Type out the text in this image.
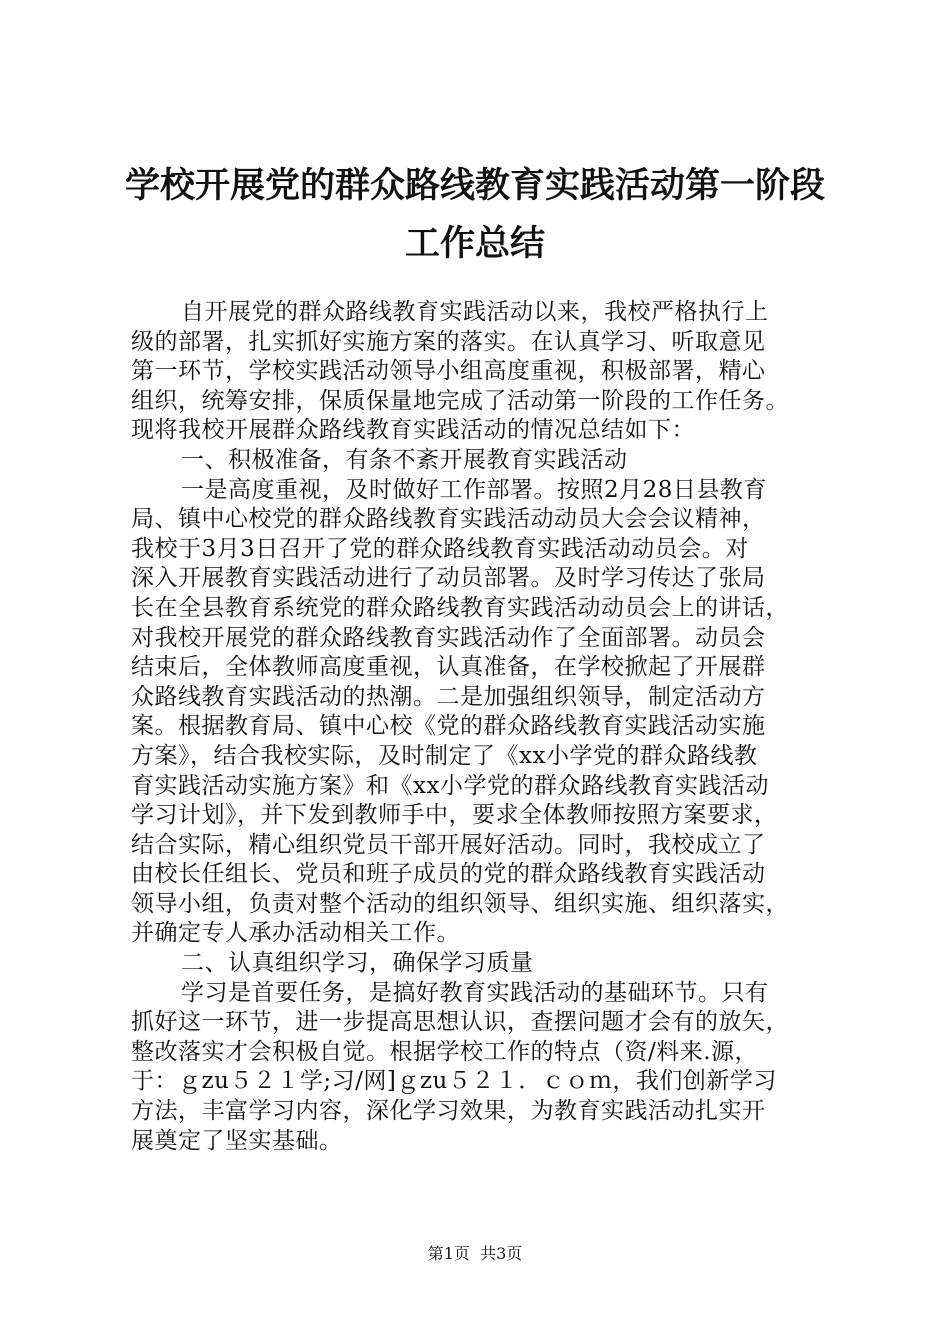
学校开展党的群众路线教育实践活动第一阶段
工作总结
自开展党的群众路线教育实践活动以来，我校严格执行上
级的部署，扎实抓好实施方案的落实。在认真学习、听取意见
第一环节，学校实践活动领导小组高度重视，积极部署，精心
组织，统筹安排，保质保量地完成了活动第一阶段的工作任务。
现将我校开展群众路线教育实践活动的情况总结如下：
一、积极准备，有条不紊开展教育实践活动
一是高度重视，及时做好工作部署。按照2月28日县教育
局、镇中心校党的群众路线教育实践活动动员大会会议精神，
我校于3月3日召开了党的群众路线教育实践活动动员会。对
深入开展教育实践活动进行了动员部署。及时学习传达了张局
长在全县教育系统党的群众路线教育实践活动动员会上的讲话，
对我校开展党的群众路线教育实践活动作了全面部署。动员会
结束后，全体教师高度重视，认真准备，在学校掀起了开展群
众路线教育实践活动的热潮。二是加强组织领导，制定活动方
案。根据教育局、镇中心校《党的群众路线教育实践活动实施
方案》，结合我校实际，及时制定了《xx小学党的群众路线教
育实践活动实施方案》和《xx小学党的群众路线教育实践活动
学习计划》，并下发到教师手中，要求全体教师按照方案要求，
结合实际，精心组织党员干部开展好活动。同时，我校成立了
由校长任组长、党员和班子成员的党的群众路线教育实践活动
领导小组，负责对整个活动的组织领导、组织实施、组织落实，
并确定专人承办活动相关工作。
二、认真组织学习，确保学习质量
学习是首要任务，是搞好教育实践活动的基础环节。只有
抓好这一环节，进一步提高思想认识，查摆问题才会有的放矢，
整改落实才会积极自觉。根据学校工作的特点（资/料来.源，
于：ｇzu５２１学;习/网]ｇzu５２１．ｃｏｍ，我们创新学习
方法，丰富学习内容，深化学习效果，为教育实践活动扎实开
展奠定了坚实基础。
第1页  共3页
